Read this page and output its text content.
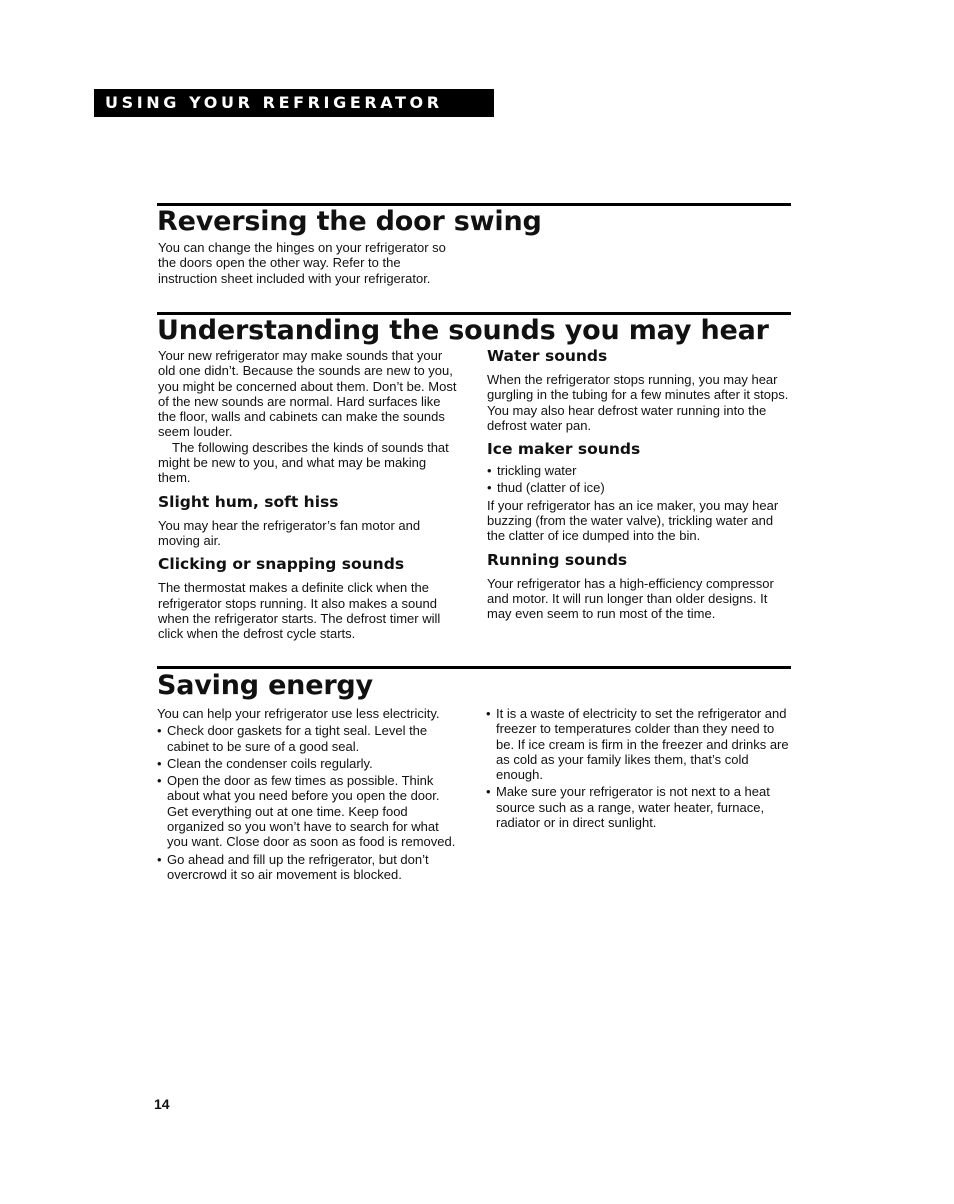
USING YOUR REFRIGERATOR
Reversing the door swing

You can change the hinges on your refrigerator so the doors open the other way. Refer to the instruction sheet included with your refrigerator.

Understanding the sounds you may hear

Your new refrigerator may make sounds that your old one didn’t. Because the sounds are new to you, you might be concerned about them. Don’t be. Most of the new sounds are normal. Hard surfaces like the floor, walls and cabinets can make the sounds seem louder.

The following describes the kinds of sounds that might be new to you, and what may be making them.

Slight hum, soft hiss

You may hear the refrigerator’s fan motor and moving air.

Clicking or snapping sounds

The thermostat makes a definite click when the refrigerator stops running. It also makes a sound when the refrigerator starts. The defrost timer will click when the defrost cycle starts.

Water sounds

When the refrigerator stops running, you may hear gurgling in the tubing for a few minutes after it stops. You may also hear defrost water running into the defrost water pan.

Ice maker sounds
• trickling water
• thud (clatter of ice)

If your refrigerator has an ice maker, you may hear buzzing (from the water valve), trickling water and the clatter of ice dumped into the bin.

Running sounds

Your refrigerator has a high-efficiency compressor and motor. It will run longer than older designs. It may even seem to run most of the time.

Saving energy

You can help your refrigerator use less electricity.

• Check door gaskets for a tight seal. Level the cabinet to be sure of a good seal.
• Clean the condenser coils regularly.
• Open the door as few times as possible. Think about what you need before you open the door. Get everything out at one time. Keep food organized so you won’t have to search for what you want. Close door as soon as food is removed.
• Go ahead and fill up the refrigerator, but don’t overcrowd it so air movement is blocked.
• It is a waste of electricity to set the refrigerator and freezer to temperatures colder than they need to be. If ice cream is firm in the freezer and drinks are as cold as your family likes them, that’s cold enough.
• Make sure your refrigerator is not next to a heat source such as a range, water heater, furnace, radiator or in direct sunlight.
14
